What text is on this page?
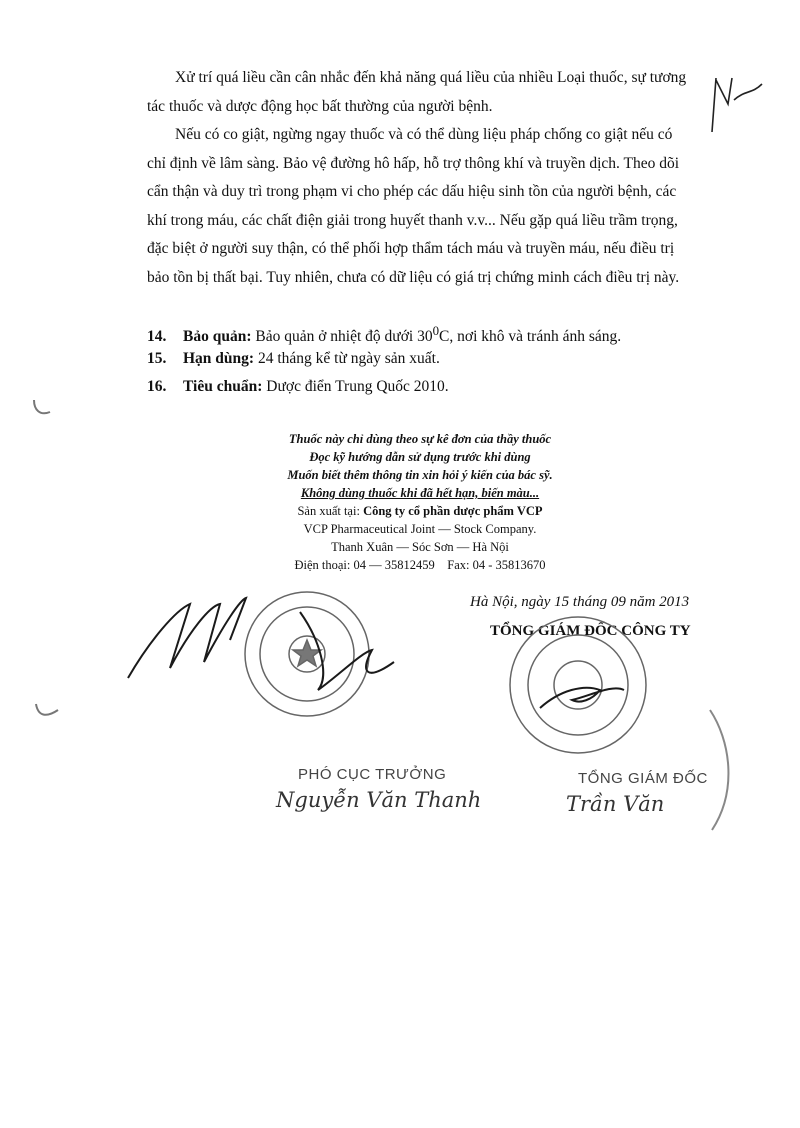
Xử trí quá liều cần cân nhắc đến khả năng quá liều của nhiều Loại thuốc, sự tương tác thuốc và dược động học bất thường của người bệnh.

Nếu có co giật, ngừng ngay thuốc và có thể dùng liệu pháp chống co giật nếu có chỉ định về lâm sàng. Bảo vệ đường hô hấp, hỗ trợ thông khí và truyền dịch. Theo dõi cẩn thận và duy trì trong phạm vi cho phép các dấu hiệu sinh tồn của người bệnh, các khí trong máu, các chất điện giải trong huyết thanh v.v... Nếu gặp quá liều trầm trọng, đặc biệt ở người suy thận, có thể phối hợp thẩm tách máu và truyền máu, nếu điều trị bảo tồn bị thất bại. Tuy nhiên, chưa có dữ liệu có giá trị chứng minh cách điều trị này.

14. Bảo quản: Bảo quản ở nhiệt độ dưới $30^0C$, nơi khô và tránh ánh sáng.
15. Hạn dùng: 24 tháng kể từ ngày sản xuất.
16. Tiêu chuẩn: Dược điển Trung Quốc 2010.
Thuốc này chỉ dùng theo sự kê đơn của thầy thuốc
Đọc kỹ hướng dẫn sử dụng trước khi dùng
Muốn biết thêm thông tin xin hỏi ý kiến của bác sỹ.
Không dùng thuốc khi đã hết hạn, biến màu...
Sản xuất tại: Công ty cổ phần dược phẩm VCP
VCP Pharmaceutical Joint — Stock Company.
Thanh Xuân — Sóc Sơn — Hà Nội
Điện thoại: 04 — 35812459 Fax: 04 - 35813670
Hà Nội, ngày 15 tháng 09 năm 2013
TỔNG GIÁM ĐỐC CÔNG TY
PHÓ CỤC TRƯỞNG
Nguyễn Văn Thanh
TỔNG GIÁM ĐỐC
Trần Văn
